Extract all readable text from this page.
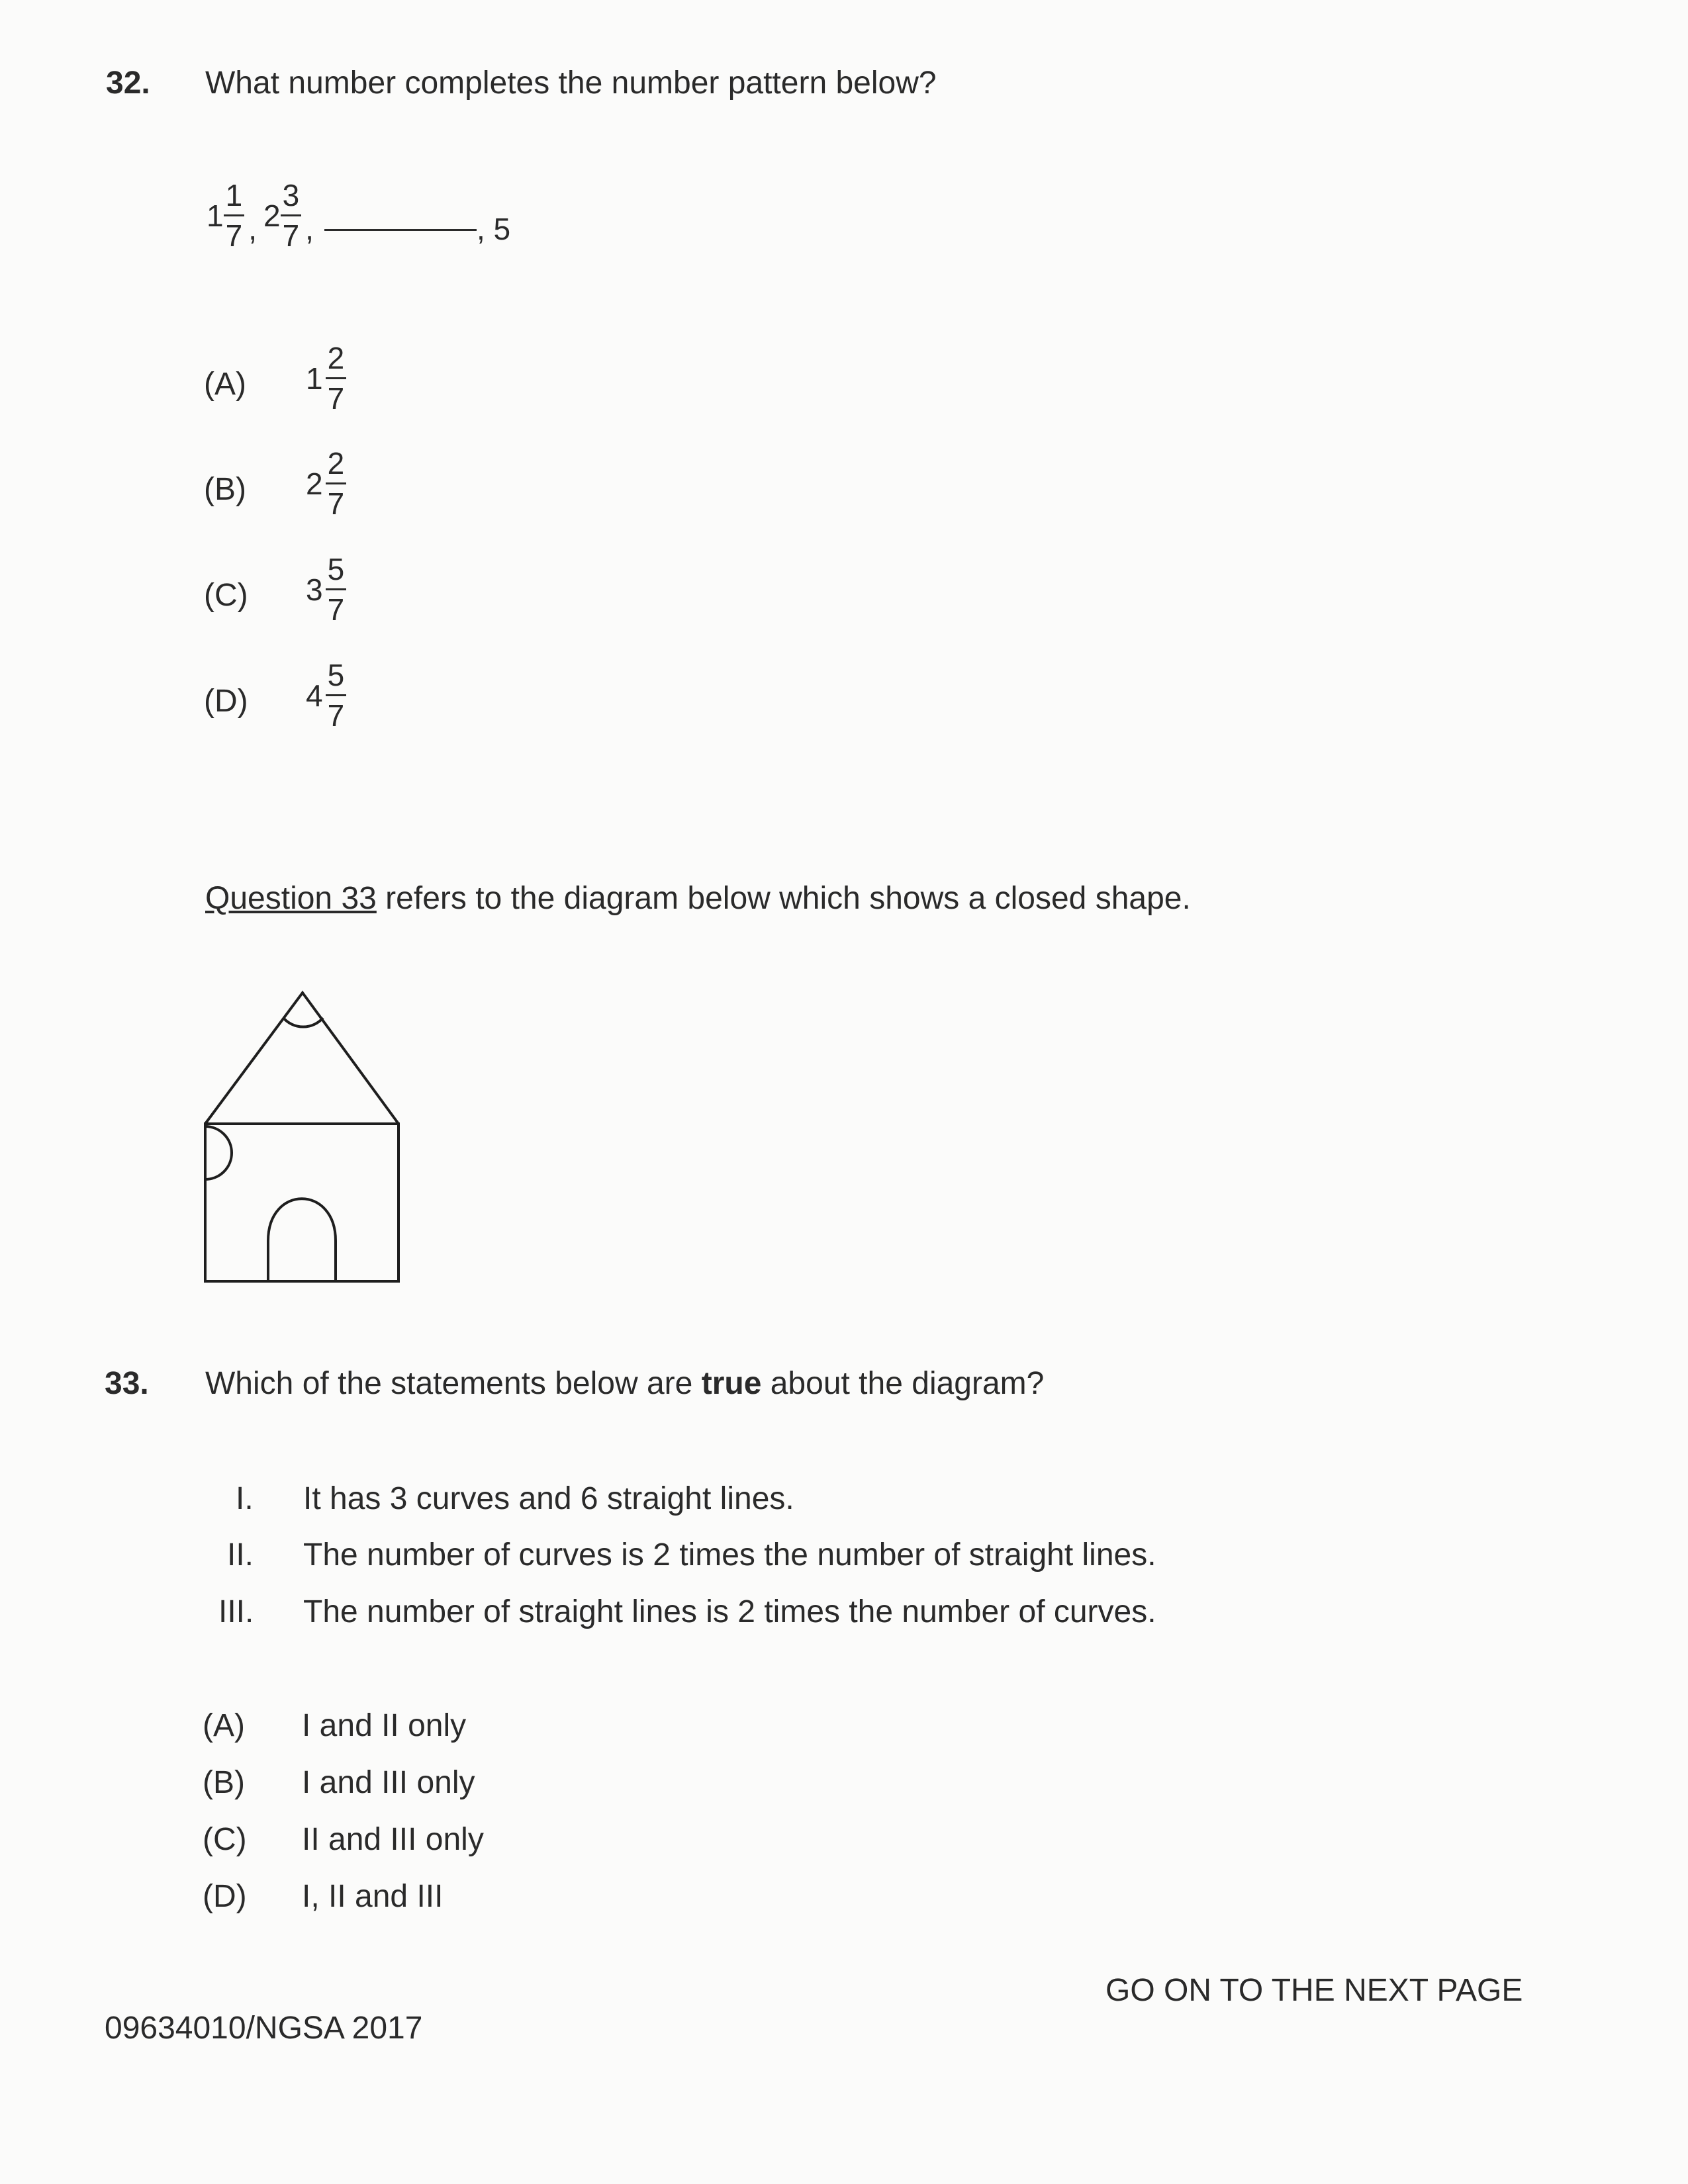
32. What number completes the number pattern below?
$1 \frac{1}{7}$ , $2 \frac{3}{7}$ ,	, 5
(A) $1 \frac{2}{7}$
(B) $2 \frac{2}{7}$
(C) $3 \frac{5}{7}$
(D) $4 \frac{5}{7}$
Question 33 refers to the diagram below which shows a closed shape.
33. Which of the statements below are true about the diagram?
I. It has 3 curves and 6 straight lines.
II. The number of curves is 2 times the number of straight lines.
III. The number of straight lines is 2 times the number of curves.
(A) I and II only
(B) I and III only
(C) II and III only
(D) I, II and III
GO ON TO THE NEXT PAGE
09634010/NGSA 2017
